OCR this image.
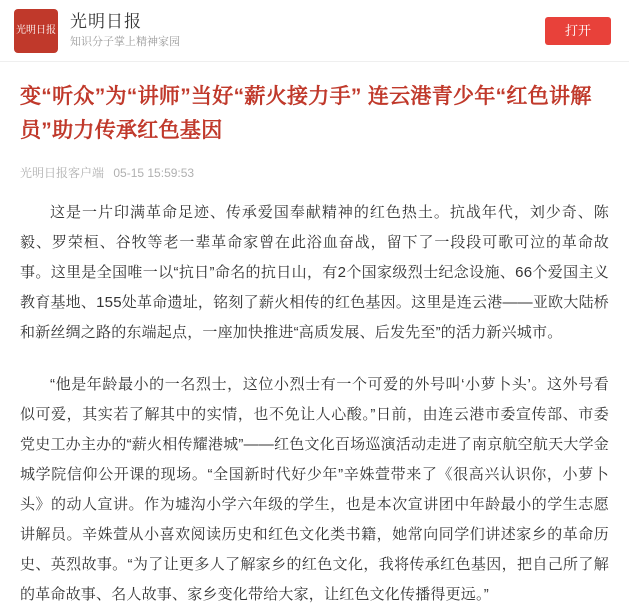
光明日报 光明日报
知识分子掌上精神家园
打开
变“听众”为“讲师”当好“薪火接力手” 连云港青少年“红色讲解员”助力传承红色基因
光明日报客户端 05-15 15:59:53

这是一片印满革命足迹、传承爱国奉献精神的红色热土。抗战年代，刘少奇、陈毅、罗荣桓、谷牧等老一辈革命家曾在此浴血奋战，留下了一段段可歌可泣的革命故事。这里是全国唯一以“抗日”命名的抗日山，有2个国家级烈士纪念设施、66个爱国主义教育基地、155处革命遗址，铭刻了薪火相传的红色基因。这里是连云港——亚欧大陆桥和新丝绸之路的东端起点，一座加快推进“高质发展、后发先至”的活力新兴城市。

“他是年龄最小的一名烈士，这位小烈士有一个可爱的外号叫‘小萝卜头’。这外号看似可爱，其实若了解其中的实情，也不免让人心酸。”日前，由连云港市委宣传部、市委党史工办主办的“薪火相传耀港城”——红色文化百场巡演活动走进了南京航空航天大学金城学院信仰公开课的现场。“全国新时代好少年”辛姝萱带来了《很高兴认识你，小萝卜头》的动人宣讲。作为墟沟小学六年级的学生，也是本次宣讲团中年龄最小的学生志愿讲解员。辛姝萱从小喜欢阅读历史和红色文化类书籍，她常向同学们讲述家乡的革命历史、英烈故事。“为了让更多人了解家乡的红色文化，我将传承红色基因，把自己所了解的革命故事、名人故事、家乡变化带给大家，让红色文化传播得更远。”
